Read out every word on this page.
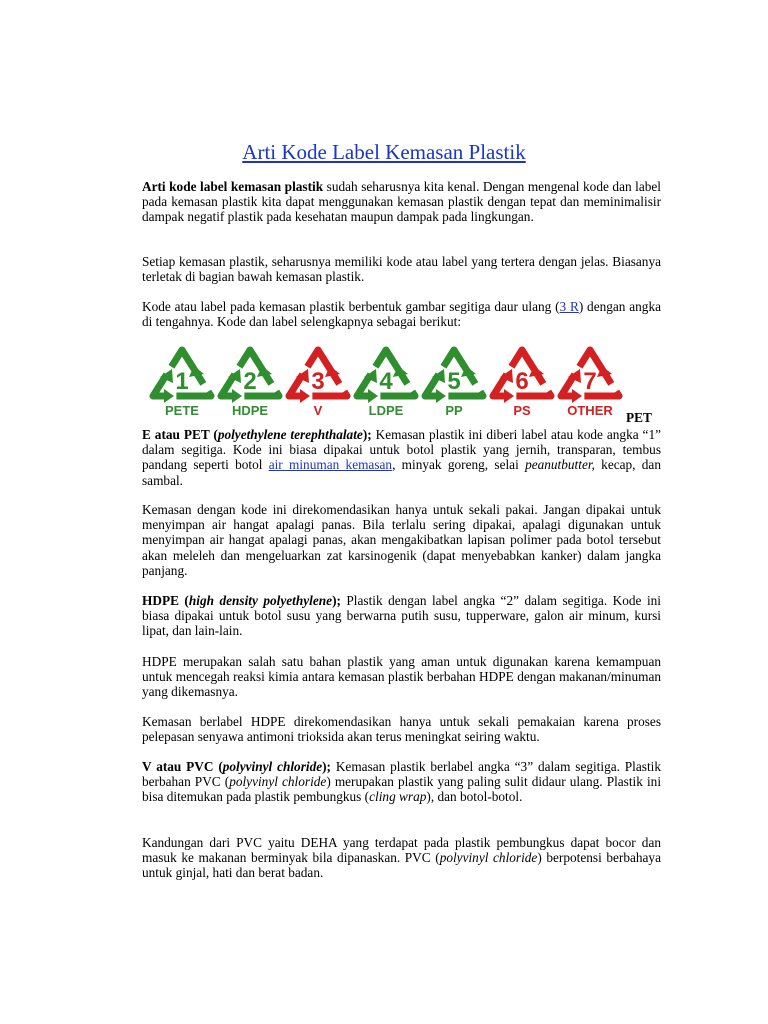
Arti Kode Label Kemasan Plastik

Arti kode label kemasan plastik sudah seharusnya kita kenal. Dengan mengenal kode dan label pada kemasan plastik kita dapat menggunakan kemasan plastik dengan tepat dan meminimalisir dampak negatif plastik pada kesehatan maupun dampak pada lingkungan.

Setiap kemasan plastik, seharusnya memiliki kode atau label yang tertera dengan jelas. Biasanya terletak di bagian bawah kemasan plastik.

Kode atau label pada kemasan plastik berbentuk gambar segitiga daur ulang (3 R) dengan angka di tengahnya. Kode dan label selengkapnya sebagai berikut:

1
PETE
2
HDPE
3
V
4
LDPE
5
PP
6
PS
7
OTHER PET

E atau PET (polyethylene terephthalate); Kemasan plastik ini diberi label atau kode angka “1” dalam segitiga. Kode ini biasa dipakai untuk botol plastik yang jernih, transparan, tembus pandang seperti botol air minuman kemasan, minyak goreng, selai peanutbutter, kecap, dan sambal.

Kemasan dengan kode ini direkomendasikan hanya untuk sekali pakai. Jangan dipakai untuk menyimpan air hangat apalagi panas. Bila terlalu sering dipakai, apalagi digunakan untuk menyimpan air hangat apalagi panas, akan mengakibatkan lapisan polimer pada botol tersebut akan meleleh dan mengeluarkan zat karsinogenik (dapat menyebabkan kanker) dalam jangka panjang.

HDPE (high density polyethylene); Plastik dengan label angka “2” dalam segitiga. Kode ini biasa dipakai untuk botol susu yang berwarna putih susu, tupperware, galon air minum, kursi lipat, dan lain-lain.

HDPE merupakan salah satu bahan plastik yang aman untuk digunakan karena kemampuan untuk mencegah reaksi kimia antara kemasan plastik berbahan HDPE dengan makanan/minuman yang dikemasnya.

Kemasan berlabel HDPE direkomendasikan hanya untuk sekali pemakaian karena proses pelepasan senyawa antimoni trioksida akan terus meningkat seiring waktu.

V atau PVC (polyvinyl chloride); Kemasan plastik berlabel angka “3” dalam segitiga. Plastik berbahan PVC (polyvinyl chloride) merupakan plastik yang paling sulit didaur ulang. Plastik ini bisa ditemukan pada plastik pembungkus (cling wrap), dan botol-botol.

Kandungan dari PVC yaitu DEHA yang terdapat pada plastik pembungkus dapat bocor dan masuk ke makanan berminyak bila dipanaskan. PVC (polyvinyl chloride) berpotensi berbahaya untuk ginjal, hati dan berat badan.
